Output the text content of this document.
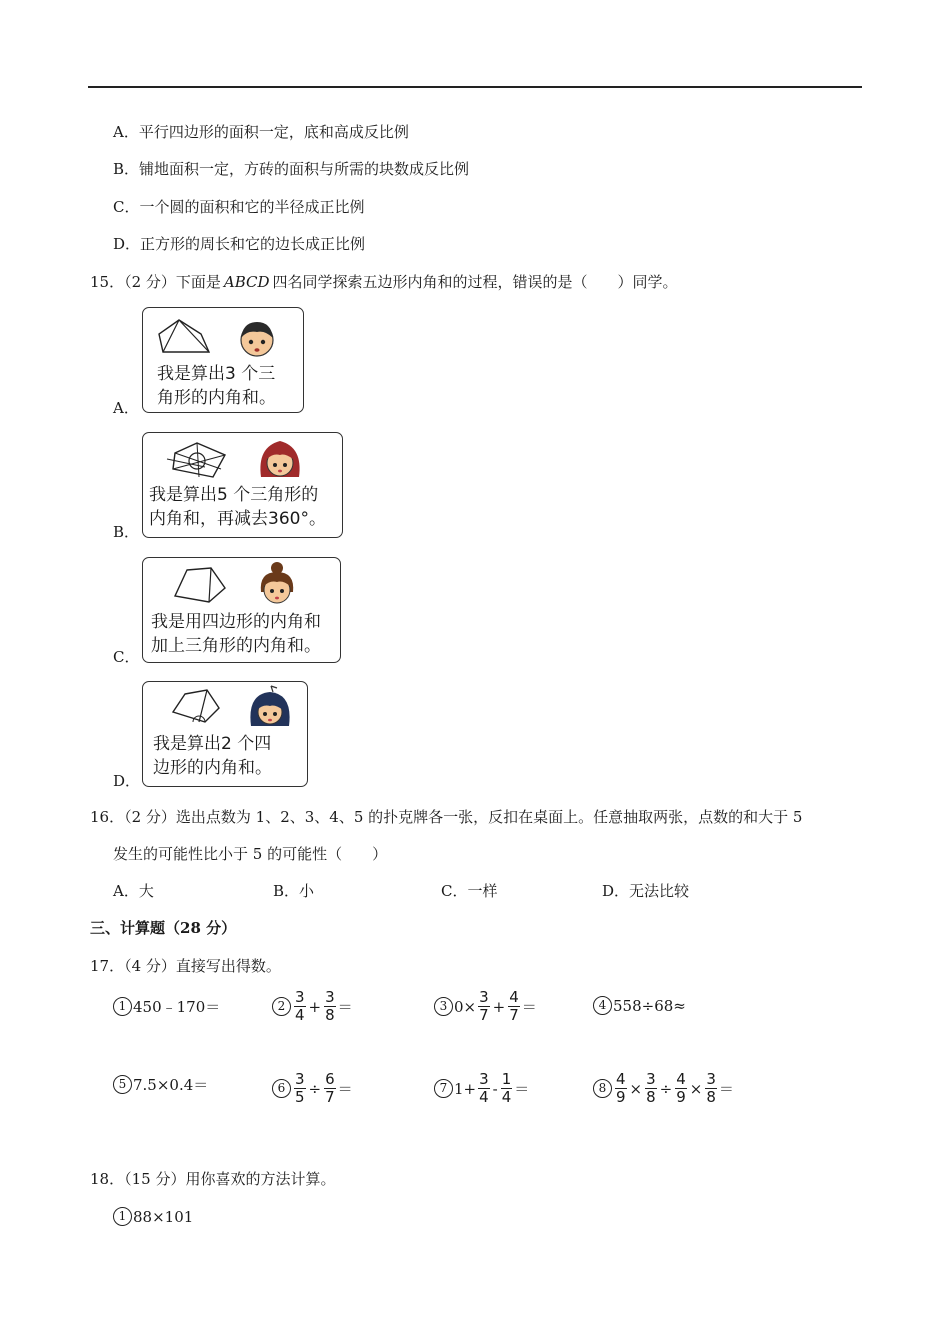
A．平行四边形的面积一定，底和高成反比例
B．铺地面积一定，方砖的面积与所需的块数成反比例
C．一个圆的面积和它的半径成正比例
D．正方形的周长和它的边长成正比例
15．（2 分）下面是 ABCD 四名同学探索五边形内角和的过程，错误的是（　　）同学。
A．
我是算出3 个三
角形的内角和。
B．
我是算出5 个三角形的
内角和，再减去360°。
C．
我是用四边形的内角和
加上三角形的内角和。
D．
我是算出2 个四
边形的内角和。
16．（2 分）选出点数为 1、2、3、4、5 的扑克牌各一张，反扣在桌面上。任意抽取两张，点数的和大于 5
发生的可能性比小于 5 的可能性（　　）
A．大	B．小	C．一样	D．无法比较
三、计算题（28 分）
17．（4 分）直接写出得数。
1 450﹣170＝	$2 \frac{3}{4} + \frac{3}{8}$ ＝	3 $0\times \frac{3}{7} + \frac{4}{7}$ ＝	4 558÷68≈
5 7.5×0.4＝	$6 \frac{3}{5} \div \frac{6}{7}$ ＝	7 $1+ \frac{3}{4} - \frac{1}{4}$ ＝	$8 \frac{4}{9} \times \frac{3}{8} \div \frac{4}{9} \times \frac{3}{8}$ ＝
18．（15 分）用你喜欢的方法计算。
1 88×101
